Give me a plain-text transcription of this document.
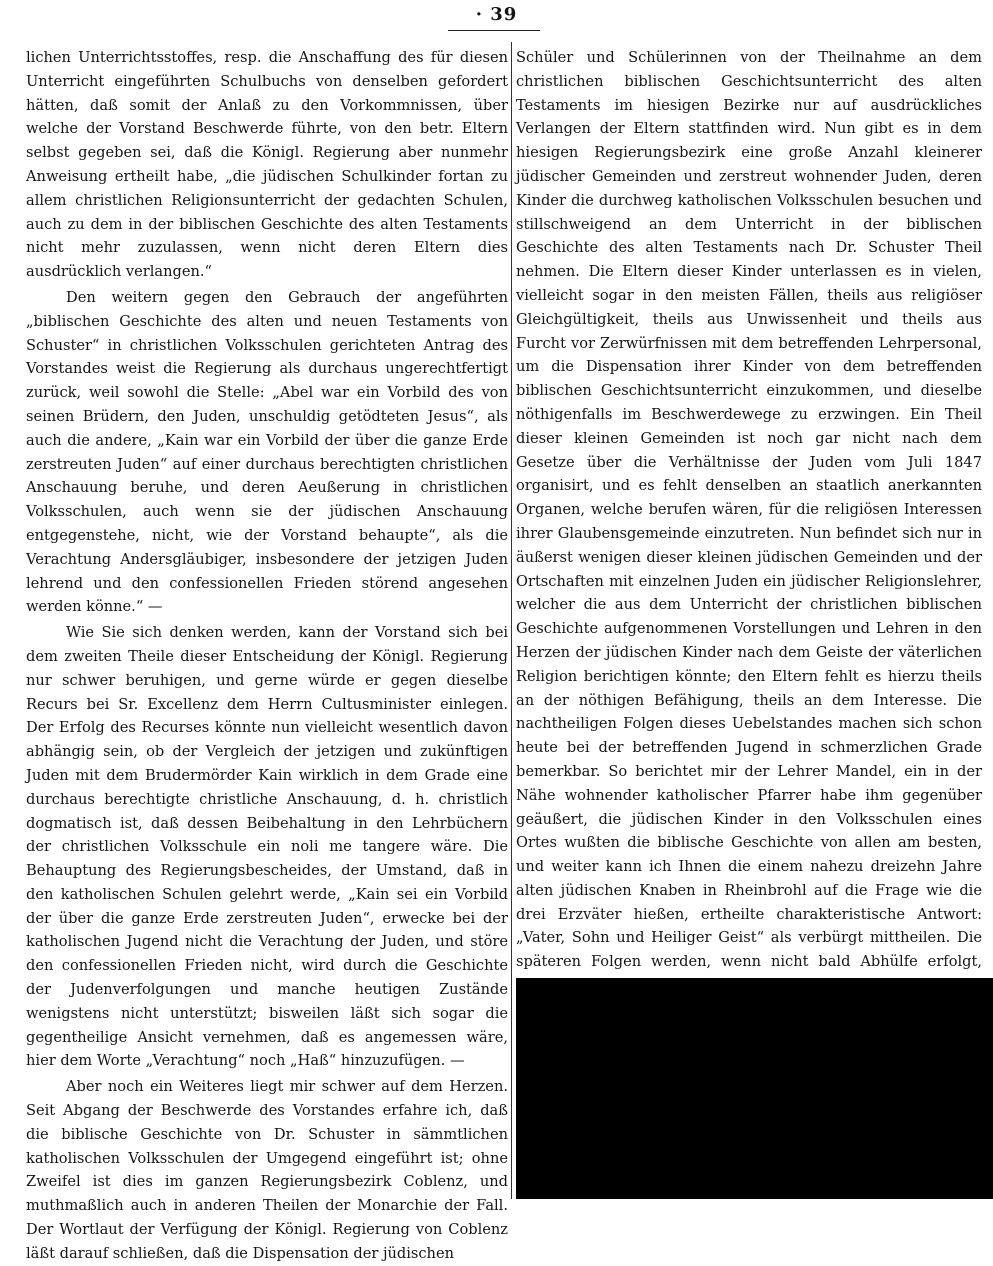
· 39

lichen Unterrichtsstoffes, resp. die Anschaffung des für diesen Unterricht eingeführten Schulbuchs von denselben gefordert hätten, daß somit der Anlaß zu den Vorkommnissen, über welche der Vorstand Beschwerde führte, von den betr. Eltern selbst gegeben sei, daß die Königl. Regierung aber nunmehr Anweisung ertheilt habe, „die jüdischen Schulkinder fortan zu allem christlichen Religionsunterricht der gedachten Schulen, auch zu dem in der biblischen Geschichte des alten Testaments nicht mehr zuzulassen, wenn nicht deren Eltern dies ausdrücklich verlangen.“

Den weitern gegen den Gebrauch der angeführten „biblischen Geschichte des alten und neuen Testaments von Schuster“ in christlichen Volksschulen gerichteten Antrag des Vorstandes weist die Regierung als durchaus ungerechtfertigt zurück, weil sowohl die Stelle: „Abel war ein Vorbild des von seinen Brüdern, den Juden, unschuldig getödteten Jesus“, als auch die andere, „Kain war ein Vorbild der über die ganze Erde zerstreuten Juden“ auf einer durchaus berechtigten christlichen Anschauung beruhe, und deren Aeußerung in christlichen Volksschulen, auch wenn sie der jüdischen Anschauung entgegenstehe, nicht, wie der Vorstand behaupte“, als die Verachtung Andersgläubiger, insbesondere der jetzigen Juden lehrend und den confessionellen Frieden störend angesehen werden könne.“ —

Wie Sie sich denken werden, kann der Vorstand sich bei dem zweiten Theile dieser Entscheidung der Königl. Regierung nur schwer beruhigen, und gerne würde er gegen dieselbe Recurs bei Sr. Excellenz dem Herrn Cultusminister einlegen. Der Erfolg des Recurses könnte nun vielleicht wesentlich davon abhängig sein, ob der Vergleich der jetzigen und zukünftigen Juden mit dem Brudermörder Kain wirklich in dem Grade eine durchaus berechtigte christliche Anschauung, d. h. christlich dogmatisch ist, daß dessen Beibehaltung in den Lehrbüchern der christlichen Volksschule ein noli me tangere wäre. Die Behauptung des Regierungsbescheides, der Umstand, daß in den katholischen Schulen gelehrt werde, „Kain sei ein Vorbild der über die ganze Erde zerstreuten Juden“, erwecke bei der katholischen Jugend nicht die Verachtung der Juden, und störe den confessionellen Frieden nicht, wird durch die Geschichte der Judenverfolgungen und manche heutigen Zustände wenigstens nicht unterstützt; bisweilen läßt sich sogar die gegentheilige Ansicht vernehmen, daß es angemessen wäre, hier dem Worte „Verachtung“ noch „Haß“ hinzuzufügen. —

Aber noch ein Weiteres liegt mir schwer auf dem Herzen. Seit Abgang der Beschwerde des Vorstandes erfahre ich, daß die biblische Geschichte von Dr. Schuster in sämmtlichen katholischen Volksschulen der Umgegend eingeführt ist; ohne Zweifel ist dies im ganzen Regierungsbezirk Coblenz, und muthmaßlich auch in anderen Theilen der Monarchie der Fall. Der Wortlaut der Verfügung der Königl. Regierung von Coblenz läßt darauf schließen, daß die Dispensation der jüdischen

Schüler und Schülerinnen von der Theilnahme an dem christlichen biblischen Geschichtsunterricht des alten Testaments im hiesigen Bezirke nur auf ausdrückliches Verlangen der Eltern stattfinden wird. Nun gibt es in dem hiesigen Regierungsbezirk eine große Anzahl kleinerer jüdischer Gemeinden und zerstreut wohnender Juden, deren Kinder die durchweg katholischen Volksschulen besuchen und stillschweigend an dem Unterricht in der biblischen Geschichte des alten Testaments nach Dr. Schuster Theil nehmen. Die Eltern dieser Kinder unterlassen es in vielen, vielleicht sogar in den meisten Fällen, theils aus religiöser Gleichgültigkeit, theils aus Unwissenheit und theils aus Furcht vor Zerwürfnissen mit dem betreffenden Lehrpersonal, um die Dispensation ihrer Kinder von dem betreffenden biblischen Geschichtsunterricht einzukommen, und dieselbe nöthigenfalls im Beschwerdewege zu erzwingen. Ein Theil dieser kleinen Gemeinden ist noch gar nicht nach dem Gesetze über die Verhältnisse der Juden vom Juli 1847 organisirt, und es fehlt denselben an staatlich anerkannten Organen, welche berufen wären, für die religiösen Interessen ihrer Glaubensgemeinde einzutreten. Nun befindet sich nur in äußerst wenigen dieser kleinen jüdischen Gemeinden und der Ortschaften mit einzelnen Juden ein jüdischer Religionslehrer, welcher die aus dem Unterricht der christlichen biblischen Geschichte aufgenommenen Vorstellungen und Lehren in den Herzen der jüdischen Kinder nach dem Geiste der väterlichen Religion berichtigen könnte; den Eltern fehlt es hierzu theils an der nöthigen Befähigung, theils an dem Interesse. Die nachtheiligen Folgen dieses Uebelstandes machen sich schon heute bei der betreffenden Jugend in schmerzlichen Grade bemerkbar. So berichtet mir der Lehrer Mandel, ein in der Nähe wohnender katholischer Pfarrer habe ihm gegenüber geäußert, die jüdischen Kinder in den Volksschulen eines Ortes wußten die biblische Geschichte von allen am besten, und weiter kann ich Ihnen die einem nahezu dreizehn Jahre alten jüdischen Knaben in Rheinbrohl auf die Frage wie die drei Erzväter hießen, ertheilte charakteristische Antwort: „Vater, Sohn und Heiliger Geist“ als verbürgt mittheilen. Die späteren Folgen werden, wenn nicht bald Abhülfe erfolgt,
